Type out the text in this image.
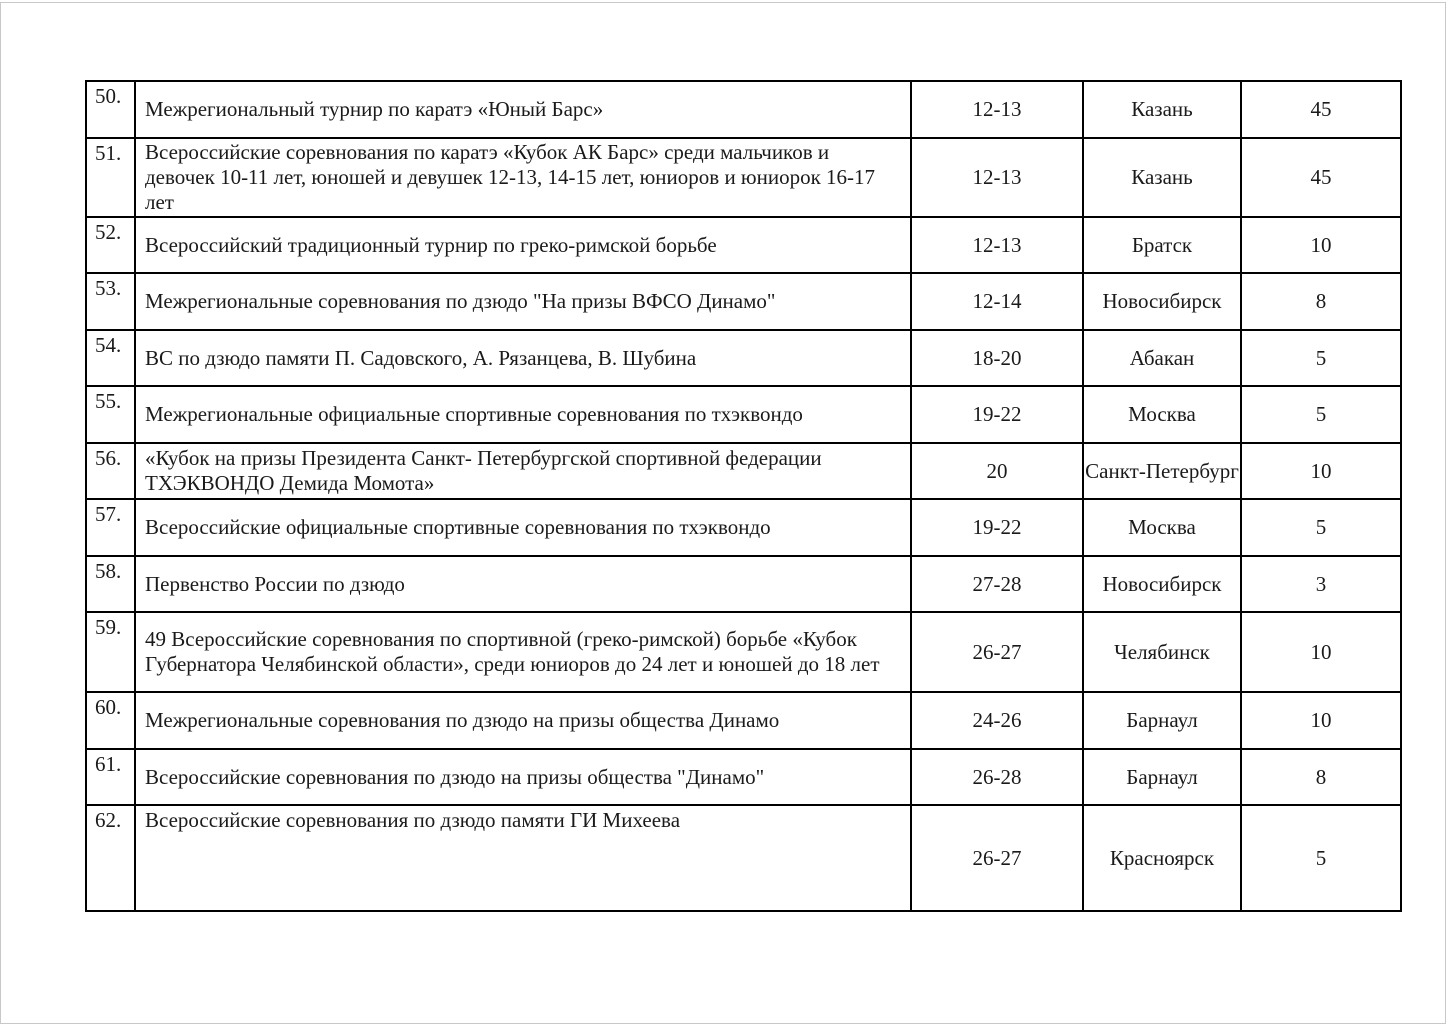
50.	Межрегиональный турнир по каратэ «Юный Барс»	12-13	Казань	45
51.	Всероссийские соревнования по каратэ «Кубок АК Барс» среди мальчиков и девочек 10-11 лет, юношей и девушек 12-13, 14-15 лет, юниоров и юниорок 16-17 лет	12-13	Казань	45
52.	Всероссийский традиционный турнир по греко-римской борьбе	12-13	Братск	10
53.	Межрегиональные соревнования по дзюдо "На призы ВФСО Динамо"	12-14	Новосибирск	8
54.	ВС по дзюдо памяти П. Садовского, А. Рязанцева, В. Шубина	18-20	Абакан	5
55.	Межрегиональные официальные спортивные соревнования по тхэквондо	19-22	Москва	5
56.	«Кубок на призы Президента Санкт- Петербургской спортивной федерации ТХЭКВОНДО Демида Момота»	20	Санкт-Петербург	10
57.	Всероссийские официальные спортивные соревнования по тхэквондо	19-22	Москва	5
58.	Первенство России по дзюдо	27-28	Новосибирск	3
59.	49 Всероссийские соревнования по спортивной (греко-римской) борьбе «Кубок Губернатора Челябинской области», среди юниоров до 24 лет и юношей до 18 лет	26-27	Челябинск	10
60.	Межрегиональные соревнования по дзюдо на призы общества Динамо	24-26	Барнаул	10
61.	Всероссийские соревнования по дзюдо на призы общества "Динамо"	26-28	Барнаул	8
62.	Всероссийские соревнования по дзюдо памяти ГИ Михеева	26-27	Красноярск	5
